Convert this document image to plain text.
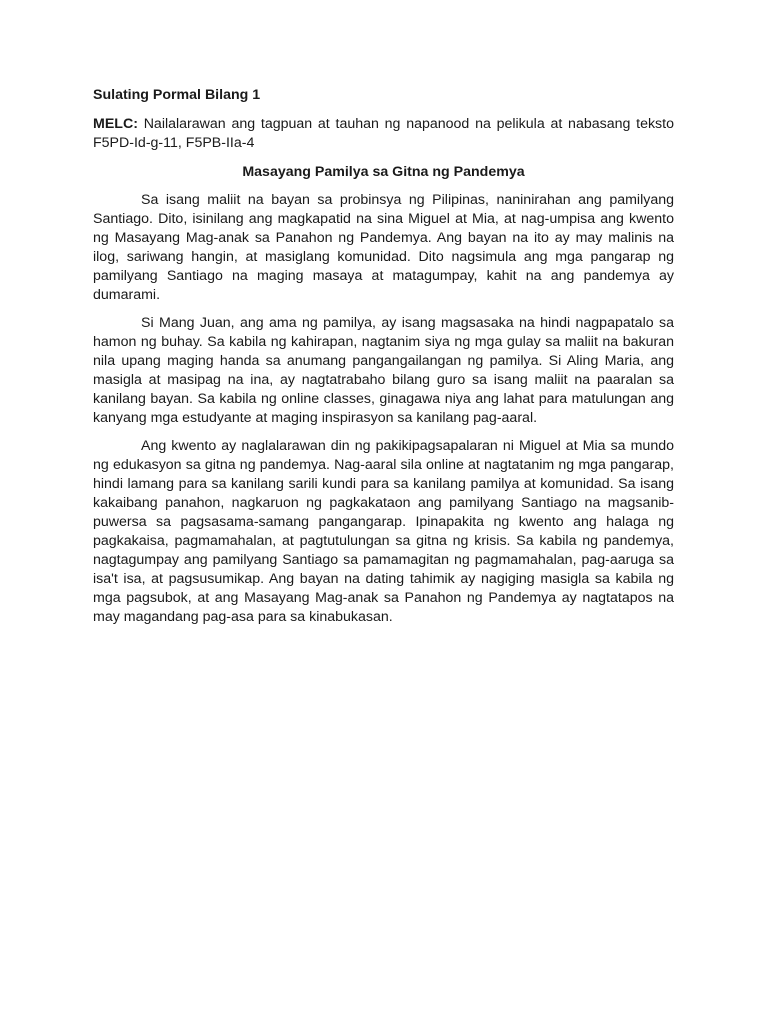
Sulating Pormal Bilang 1
MELC: Nailalarawan ang tagpuan at tauhan ng napanood na pelikula at nabasang teksto F5PD-Id-g-11, F5PB-IIa-4
Masayang Pamilya sa Gitna ng Pandemya

Sa isang maliit na bayan sa probinsya ng Pilipinas, naninirahan ang pamilyang Santiago. Dito, isinilang ang magkapatid na sina Miguel at Mia, at nag-umpisa ang kwento ng Masayang Mag-anak sa Panahon ng Pandemya. Ang bayan na ito ay may malinis na ilog, sariwang hangin, at masiglang komunidad. Dito nagsimula ang mga pangarap ng pamilyang Santiago na maging masaya at matagumpay, kahit na ang pandemya ay dumarami.

Si Mang Juan, ang ama ng pamilya, ay isang magsasaka na hindi nagpapatalo sa hamon ng buhay. Sa kabila ng kahirapan, nagtanim siya ng mga gulay sa maliit na bakuran nila upang maging handa sa anumang pangangailangan ng pamilya. Si Aling Maria, ang masigla at masipag na ina, ay nagtatrabaho bilang guro sa isang maliit na paaralan sa kanilang bayan. Sa kabila ng online classes, ginagawa niya ang lahat para matulungan ang kanyang mga estudyante at maging inspirasyon sa kanilang pag-aaral.

Ang kwento ay naglalarawan din ng pakikipagsapalaran ni Miguel at Mia sa mundo ng edukasyon sa gitna ng pandemya. Nag-aaral sila online at nagtatanim ng mga pangarap, hindi lamang para sa kanilang sarili kundi para sa kanilang pamilya at komunidad. Sa isang kakaibang panahon, nagkaruon ng pagkakataon ang pamilyang Santiago na magsanib-puwersa sa pagsasama-samang pangangarap. Ipinapakita ng kwento ang halaga ng pagkakaisa, pagmamahalan, at pagtutulungan sa gitna ng krisis. Sa kabila ng pandemya, nagtagumpay ang pamilyang Santiago sa pamamagitan ng pagmamahalan, pag-aaruga sa isa't isa, at pagsusumikap. Ang bayan na dating tahimik ay nagiging masigla sa kabila ng mga pagsubok, at ang Masayang Mag-anak sa Panahon ng Pandemya ay nagtatapos na may magandang pag-asa para sa kinabukasan.
